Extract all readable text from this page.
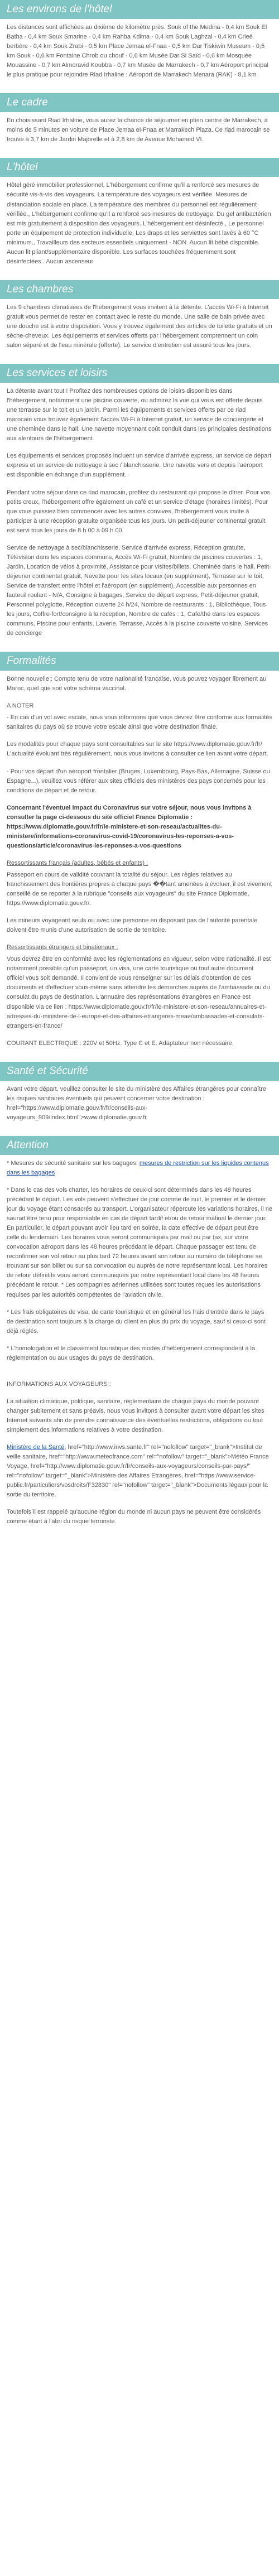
Les environs de l'hôtel

Les distances sont affichées au dixième de kilomètre près. Souk of the Medina - 0,4 km Souk El Batha - 0,4 km Souk Smarine - 0,4 km Rahba Kdima - 0,4 km Souk Laghzal - 0,4 km Crieé berbère - 0,4 km Souk Zrabi - 0,5 km Place Jemaa el-Fnaa - 0,5 km Dar Tiskiwin Museum - 0,5 km Souk - 0,6 km Fontaine Chrob ou chouf - 0,6 km Musée Dar Si Saïd - 0,6 km Mosquée Mouassine - 0,7 km Almoravid Koubba - 0,7 km Musée de Marrakech - 0,7 km Aéroport principal le plus pratique pour rejoindre Riad Irhaline : Aéroport de Marrakech Menara (RAK) - 8,1 km

Le cadre

En choisissant Riad Irhaline, vous aurez la chance de séjourner en plein centre de Marrakech, à moins de 5 minutes en voiture de Place Jemaa el-Fnaa et Marrakech Plaza. Ce riad marocain se trouve à 3,7 km de Jardin Majorelle et à 2,8 km de Avenue Mohamed VI.

L'hôtel

Hôtel géré immobilier professionnel, L'hébergement confirme qu'il a renforcé ses mesures de sécurité vis-à-vis des voyageurs. La température des voyageurs est vérifiée. Mesures de distanciation sociale en place. La température des membres du personnel est régulièrement vérifiée., L'hébergement confirme qu'il a renforcé ses mesures de nettoyage. Du gel antibactérien est mis gratuitement à disposition des voyageurs. L'hébergement est désinfecté., Le personnel porte un équipement de protection individuelle. Les draps et les serviettes sont lavés à 60 °C minimum., Travailleurs des secteurs essentiels uniquement - NON. Aucun lit bébé disponible. Aucun lit pliant/supplémentaire disponible. Les surfaces touchées fréquemment sont désinfectées.. Aucun ascenseur

Les chambres

Les 9 chambres climatisées de l'hébergement vous invitent à la détente. L'accès Wi-Fi à Internet gratuit vous permet de rester en contact avec le reste du monde. Une salle de bain privée avec une douche est à votre disposition. Vous y trouvez également des articles de toilette gratuits et un sèche-cheveux. Les équipements et services offerts par l'hébergement comprennent un coin salon séparé et de l'eau minérale (offerte). Le service d'entretien est assuré tous les jours.

Les services et loisirs

La détente avant tout ! Profitez des nombreuses options de loisirs disponibles dans l'hébergement, notamment une piscine couverte, ou admirez la vue qui vous est offerte depuis une terrasse sur le toit et un jardin. Parmi les équipements et services offerts par ce riad marocain vous trouvez également l'accès Wi-Fi à Internet gratuit, un service de conciergerie et une cheminée dans le hall. Une navette moyennant coût conduit dans les principales destinations aux alentours de l'hébergement.

Les équipements et services proposés incluent un service d'arrivée express, un service de départ express et un service de nettoyage à sec / blanchisserie. Une navette vers et depuis l'aéroport est disponible en échange d'un supplément.

Pendant votre séjour dans ce riad marocain, profitez du restaurant qui propose le dîner. Pour vos petits creux, l'hébergement offre également un café et un service d'étage (horaires limités). Pour que vous puissiez bien commencer avec les autres convives, l'hébergement vous invite à participer à une réception gratuite organisée tous les jours. Un petit-déjeuner continental gratuit est servi tous les jours de 8 h 00 à 09 h 00.

Service de nettoyage à sec/blanchisserie, Service d'arrivée express, Réception gratuite, Télévision dans les espaces communs, Accès Wi-Fi gratuit, Nombre de piscines couvertes : 1, Jardin, Location de vélos à proximité, Assistance pour visites/billets, Cheminée dans le hall, Petit-déjeuner continental gratuit, Navette pour les sites locaux (en supplément), Terrasse sur le toit, Service de transfert entre l'hôtel et l'aéroport (en supplément), Accessible aux personnes en fauteuil roulant - N/A, Consigne à bagages, Service de départ express, Petit-déjeuner gratuit, Personnel polyglotte, Réception ouverte 24 h/24, Nombre de restaurants : 1, Bibliothèque, Tous les jours, Coffre-fort/consigne à la réception, Nombre de cafés : 1, Café/thé dans les espaces communs, Piscine pour enfants, Laverie, Terrasse, Accès à la piscine couverte voisine, Services de concierge

Formalités

Bonne nouvelle : Compte tenu de votre nationalité française, vous pouvez voyager librement au Maroc, quel que soit votre schéma vaccinal.

A NOTER

- En cas d'un vol avec escale, nous vous informons que vous devrez être conforme aux formalités sanitaires du pays où se trouve votre escale ainsi que votre destination finale.

Les modalités pour chaque pays sont consultables sur le site https://www.diplomatie.gouv.fr/fr/ L'actualité évoluant très régulièrement, nous vous invitons à consulter ce lien avant votre départ.

- Pour vos départ d'un aéroport frontalier (Bruges, Luxembourg, Pays-Bas, Allemagne, Suisse ou Espagne...), veuillez vous référer aux sites officiels des ministères des pays concernés pour les conditions de départ et de retour.

Concernant l'éventuel impact du Coronavirus sur votre séjour, nous vous invitons à consulter la page ci-dessous du site officiel France Diplomatie : https://www.diplomatie.gouv.fr/fr/le-ministere-et-son-reseau/actualites-du-ministere/informations-coronavirus-covid-19/coronavirus-les-reponses-a-vos-questions/article/coronavirus-les-reponses-a-vos-questions

Ressortissants français (adultes, bébés et enfants) :

Passeport en cours de validité couvrant la totalité du séjour. Les règles relatives au franchissement des frontières propres à chaque pays ��tant amenées à évoluer, il est vivement conseillé de se reporter à la rubrique "conseils aux voyageurs" du site France Diplomatie, https://www.diplomatie.gouv.fr/.

Les mineurs voyageant seuls ou avec une personne en disposant pas de l'autorité parentale doivent être munis d'une autorisation de sortie de territoire.

Ressortissants étrangers et binationaux :

Vous devrez être en conformité avec les réglementations en vigueur, selon votre nationalité. Il est notamment possible qu'un passeport, un visa, une carte touristique ou tout autre document officiel vous soit demandé. Il convient de vous renseigner sur les délais d'obtention de ces documents et d'effectuer vous-même sans attendre les démarches auprès de l'ambassade ou du consulat du pays de destination. L'annuaire des représentations étrangères en France est disponible via ce lien : https://www.diplomatie.gouv.fr/fr/le-ministere-et-son-reseau/annuaires-et-adresses-du-ministere-de-l-europe-et-des-affaires-etrangeres-meae/ambassades-et-consulats-etrangers-en-france/

COURANT ELECTRIQUE : 220V et 50Hz. Type C et E. Adaptateur non nécessaire.

Santé et Sécurité

Avant votre départ, veuillez consulter le site du ministère des Affaires étrangères pour connaître les risques sanitaires éventuels qui peuvent concerner votre destination : href="https://www.diplomatie.gouv.fr/fr/conseils-aux-voyageurs_909/index.html">www.diplomatie.gouv.fr

Attention

* Mesures de sécurité sanitaire sur les bagages: mesures de restriction sur les liquides contenus dans les bagages

* Dans le cas des vols charter, les horaires de ceux-ci sont déterminés dans les 48 heures précédant le départ. Les vols peuvent s'effectuer de jour comme de nuit, le premier et le dernier jour du voyage étant consacrés au transport. L'organisateur répercute les variations horaires, il ne saurait être tenu pour responsable en cas de départ tardif et/ou de retour matinal le dernier jour. En particulier, le départ pouvant avoir lieu tard en soirée, la date effective de départ peut être celle du lendemain. Les horaires vous seront communiqués par mail ou par fax, sur votre convocation aéroport dans les 48 heures précédant le départ. Chaque passager est tenu de reconfirmer son vol retour au plus tard 72 heures avant son retour au numéro de téléphone se trouvant sur son billet ou sur sa convocation ou auprès de notre représentant local. Les horaires de retour définitifs vous seront communiqués par notre représentant local dans les 48 heures précédant le retour. * Les compagnies aériennes utilisées sont toutes reçues les autorisations requises par les autorités compétentes de l'aviation civile.

* Les frais obligatoires de visa, de carte touristique et en général les frais d'entrée dans le pays de destination sont toujours à la charge du client en plus du prix du voyage, sauf si ceux-ci sont déjà réglés.

* L'homologation et le classement touristique des modes d'hébergement correspondent à la réglementation ou aux usages du pays de destination.

INFORMATIONS AUX VOYAGEURS :

La situation climatique, politique, sanitaire, réglementaire de chaque pays du monde pouvant changer subitement et sans préavis, nous vous invitons à consulter avant votre départ les sites Internet suivants afin de prendre connaissance des éventuelles restrictions, obligations ou tout simplement des informations relatives à votre destination.

Ministère de la Santé, href="http://www.invs.sante.fr" rel="nofollow" target="_blank">Institut de veille sanitaire, href="http://www.meteofrance.com" rel="nofollow" target="_blank">Météo France Voyage, href="http://www.diplomatie.gouv.fr/fr/conseils-aux-voyageurs/conseils-par-pays/" rel="nofollow" target="_blank">Ministère des Affaires Etrangères, href="https://www.service-public.fr/particuliers/vosdroits/F32830" rel="nofollow" target="_blank">Documents légaux pour la sortie du territoire.

Toutefois il est rappelé qu'aucune région du monde ni aucun pays ne peuvent être considérés comme étant à l'abri du risque terroriste.
